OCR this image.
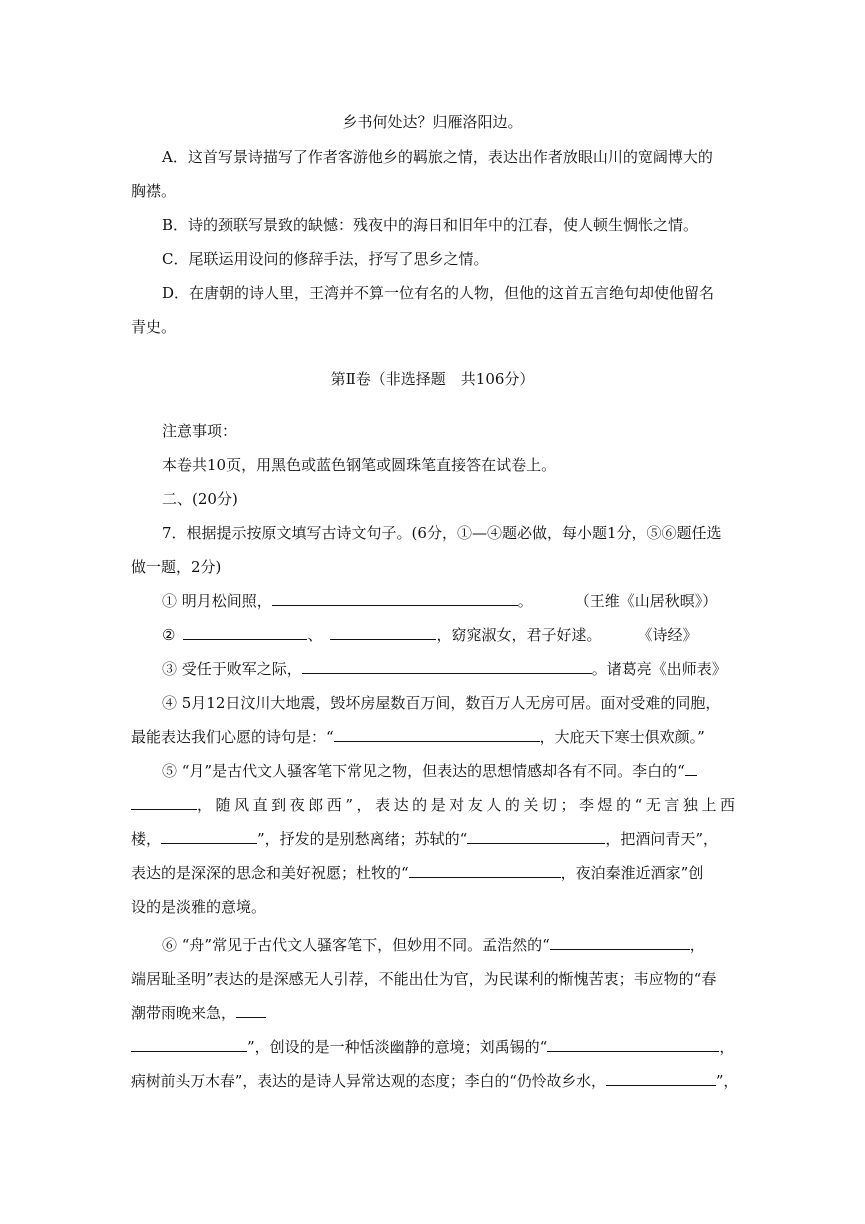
乡书何处达？归雁洛阳边。
A．这首写景诗描写了作者客游他乡的羁旅之情，表达出作者放眼山川的宽阔博大的
胸襟。
B．诗的颈联写景致的缺憾：残夜中的海日和旧年中的江春，使人顿生惆怅之情。
C．尾联运用设问的修辞手法，抒写了思乡之情。
D．在唐朝的诗人里，王湾并不算一位有名的人物，但他的这首五言绝句却使他留名
青史。
第Ⅱ卷（非选择题　共106分）
注意事项：
本卷共10页，用黑色或蓝色钢笔或圆珠笔直接答在试卷上。
二、(20分)
7．根据提示按原文填写古诗文句子。(6分，①—④题必做，每小题1分，⑤⑥题任选
做一题，2分)
① 明月松间照，	。	（王维《山居秋暝》）
②	、	，窈窕淑女，君子好逑。 《诗经》
③ 受任于败军之际，	。诸葛亮《出师表》
④ 5月12日汶川大地震，毁坏房屋数百万间，数百万人无房可居。面对受难的同胞，
最能表达我们心愿的诗句是：“	，大庇天下寒士俱欢颜。”
⑤ “月”是古代文人骚客笔下常见之物，但表达的思想情感却各有不同。李白的“
，随风直到夜郎西”，表达的是对友人的关切；李煜的“无言独上西
楼，	”，抒发的是别愁离绪；苏轼的“	，把酒问青天”，
表达的是深深的思念和美好祝愿；杜牧的“	，夜泊秦淮近酒家”创
设的是淡雅的意境。
⑥ “舟”常见于古代文人骚客笔下，但妙用不同。孟浩然的“	，
端居耻圣明”表达的是深感无人引荐，不能出仕为官，为民谋利的惭愧苦衷；韦应物的“春
潮带雨晚来急，
”，创设的是一种恬淡幽静的意境；刘禹锡的“	，
病树前头万木春”，表达的是诗人异常达观的态度；李白的“仍怜故乡水，	”，
